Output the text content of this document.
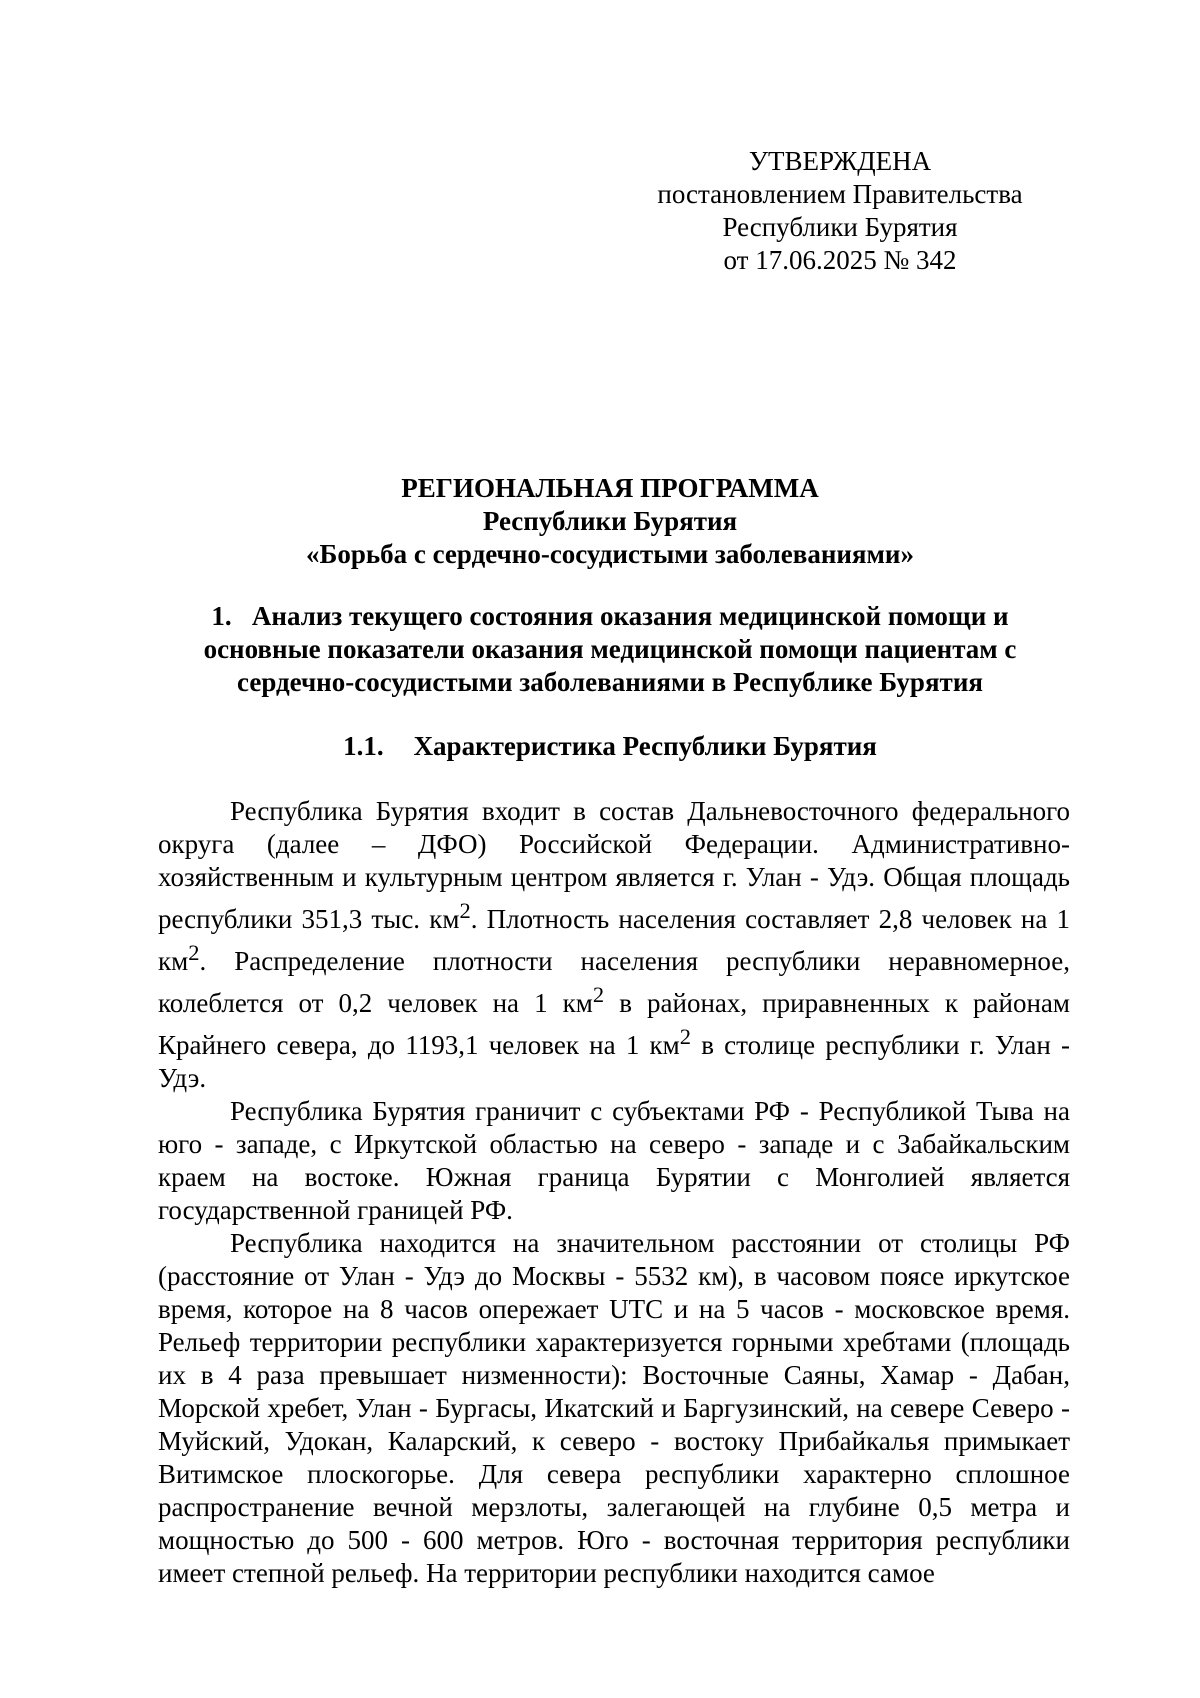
УТВЕРЖДЕНА
постановлением Правительства
Республики Бурятия
от 17.06.2025 № 342
РЕГИОНАЛЬНАЯ ПРОГРАММА
Республики Бурятия
«Борьба с сердечно-сосудистыми заболеваниями»
1.   Анализ текущего состояния оказания медицинской помощи и
основные показатели оказания медицинской помощи пациентам с
сердечно-сосудистыми заболеваниями в Республике Бурятия
1.1. Характеристика Республики Бурятия

Республика Бурятия входит в состав Дальневосточного федерального округа (далее – ДФО) Российской Федерации. Административно-хозяйственным и культурным центром является г. Улан - Удэ. Общая площадь республики 351,3 тыс. $км^2$. Плотность населения составляет 2,8 человек на 1 $км^2$. Распределение плотности населения республики неравномерное, колеблется от 0,2 человек на 1 $км^2$ в районах, приравненных к районам Крайнего севера, до 1193,1 человек на 1 $км^2$ в столице республики г. Улан - Удэ.

Республика Бурятия граничит с субъектами РФ - Республикой Тыва на юго - западе, с Иркутской областью на северо - западе и с Забайкальским краем на востоке. Южная граница Бурятии с Монголией является государственной границей РФ.

Республика находится на значительном расстоянии от столицы РФ (расстояние от Улан - Удэ до Москвы - 5532 км), в часовом поясе иркутское время, которое на 8 часов опережает UTC и на 5 часов - московское время. Рельеф территории республики характеризуется горными хребтами (площадь их в 4 раза превышает низменности): Восточные Саяны, Хамар - Дабан, Морской хребет, Улан - Бургасы, Икатский и Баргузинский, на севере Северо - Муйский, Удокан, Каларский, к северо - востоку Прибайкалья примыкает Витимское плоскогорье. Для севера республики характерно сплошное распространение вечной мерзлоты, залегающей на глубине 0,5 метра и мощностью до 500 - 600 метров. Юго - восточная территория республики имеет степной рельеф. На территории республики находится самое
